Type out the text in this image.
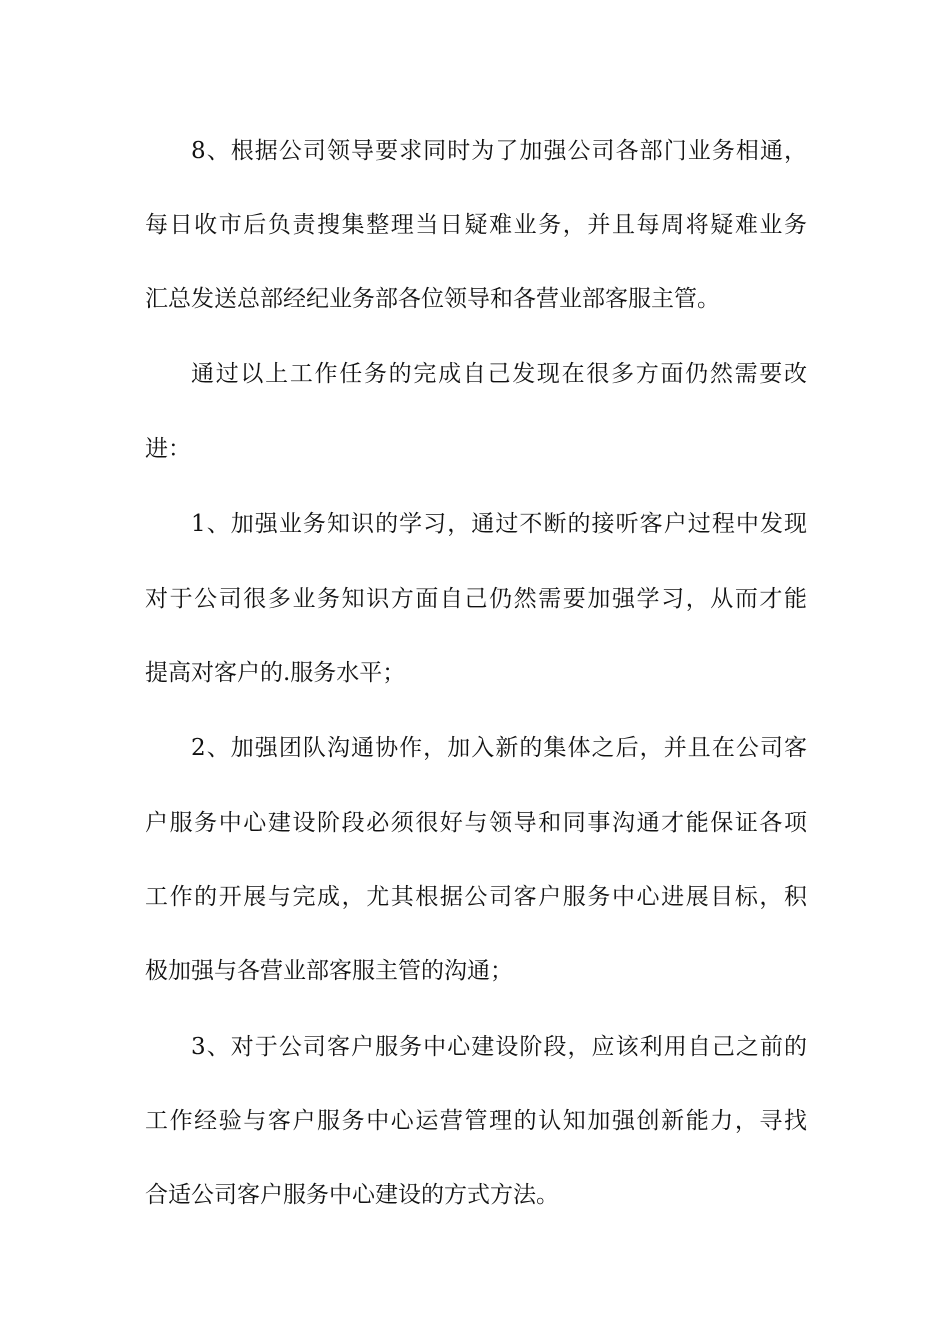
8、根据公司领导要求同时为了加强公司各部门业务相通，
每日收市后负责搜集整理当日疑难业务，并且每周将疑难业务
汇总发送总部经纪业务部各位领导和各营业部客服主管。
通过以上工作任务的完成自己发现在很多方面仍然需要改
进：
1、加强业务知识的学习，通过不断的接听客户过程中发现
对于公司很多业务知识方面自己仍然需要加强学习，从而才能
提高对客户的.服务水平；
2、加强团队沟通协作，加入新的集体之后，并且在公司客
户服务中心建设阶段必须很好与领导和同事沟通才能保证各项
工作的开展与完成，尤其根据公司客户服务中心进展目标，积
极加强与各营业部客服主管的沟通；
3、对于公司客户服务中心建设阶段，应该利用自己之前的
工作经验与客户服务中心运营管理的认知加强创新能力，寻找
合适公司客户服务中心建设的方式方法。
